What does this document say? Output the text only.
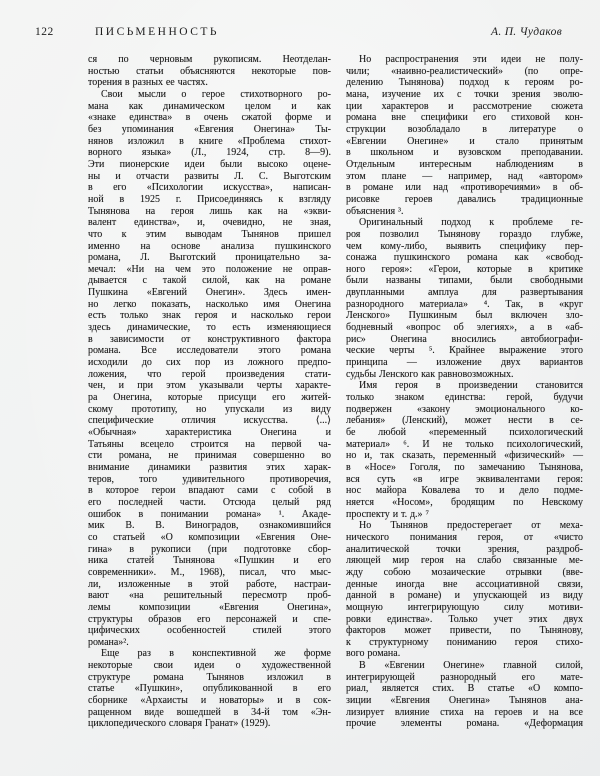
122	ПИСЬМЕННОСТЬ	А. П. Чудаков
ся по черновым рукописям. Неотделан-
ностью статьи объясняются некоторые пов-
торения в разных ее частях.
Свои мысли о герое стихотворного ро-
мана как динамическом целом и как
«знаке единства» в очень сжатой форме и
без упоминания «Евгения Онегина» Ты-
нянов изложил в книге «Проблема стихот-
ворного языка» (Л., 1924, стр. 8—9).
Эти пионерские идеи были высоко оцене-
ны и отчасти развиты Л. С. Выготским
в его «Психологии искусства», написан-
ной в 1925 г. Присоединяясь к взгляду
Тынянова на героя лишь как на «экви-
валент единства», и, очевидно, не зная,
что к этим выводам Тынянов пришел
именно на основе анализа пушкинского
романа, Л. Выготский проницательно за-
мечал: «Ни на чем это положение не оправ-
дывается с такой силой, как на романе
Пушкина «Евгений Онегин». Здесь имен-
но легко показать, насколько имя Онегина
есть только знак героя и насколько герои
здесь динамические, то есть изменяющиеся
в зависимости от конструктивного фактора
романа. Все исследователи этого романа
исходили до сих пор из ложного предпо-
ложения, что герой произведения стати-
чен, и при этом указывали черты характе-
ра Онегина, которые присущи его житей-
скому прототипу, но упускали из виду
специфические отличия искусства. ⟨...⟩
«Обычная» характеристика Онегина и
Татьяны всецело строится на первой ча-
сти романа, не принимая совершенно во
внимание динамики развития этих харак-
теров, того удивительного противоречия,
в которое герои впадают сами с собой в
его последней части. Отсюда целый ряд
ошибок в понимании романа» ¹. Акаде-
мик В. В. Виноградов, ознакомившийся
со статьей «О композиции «Евгения Оне-
гина» в рукописи (при подготовке сбор-
ника статей Тынянова «Пушкин и его
современники». М., 1968), писал, что мыс-
ли, изложенные в этой работе, настраи-
вают «на решительный пересмотр проб-
лемы композиции «Евгения Онегина»,
структуры образов его персонажей и спе-
цифических особенностей стилей этого
романа»².
Еще раз в конспективной же форме
некоторые свои идеи о художественной
структуре романа Тынянов изложил в
статье «Пушкин», опубликованной в его
сборнике «Архаисты и новаторы» и в сок-
ращенном виде вошедшей в 34-й том «Эн-
циклопедического словаря Гранат» (1929).
Но распространения эти идеи не полу-
чили; «наивно-реалистический» (по опре-
делению Тынянова) подход к героям ро-
мана, изучение их с точки зрения эволю-
ции характеров и рассмотрение сюжета
романа вне специфики его стиховой кон-
струкции возобладало в литературе о
«Евгении Онегине» и стало принятым
в школьном и вузовском преподавании.
Отдельным интересным наблюдениям в
этом плане — например, над «автором»
в романе или над «противоречиями» в об-
рисовке героев давались традиционные
объяснения ³.
Оригинальный подход к проблеме ге-
роя позволил Тынянову гораздо глубже,
чем кому-либо, выявить специфику пер-
сонажа пушкинского романа как «свобод-
ного героя»: «Герои, которые в критике
были названы типами, были свободными
двупланными амплуа для развертывания
разнородного материала» ⁴. Так, в «круг
Ленского» Пушкиным был включен зло-
бодневный «вопрос об элегиях», а в «аб-
рис» Онегина вносились автобиографи-
ческие черты ⁵. Крайнее выражение этого
принципа — изложение двух вариантов
судьбы Ленского как равновозможных.
Имя героя в произведении становится
только знаком единства: герой, будучи
подвержен «закону эмоционального ко-
лебания» (Ленский), может нести в се-
бе любой «переменный психологический
материал» ⁶. И не только психологический,
но и, так сказать, переменный «физический» —
в «Носе» Гоголя, по замечанию Тынянова,
вся суть «в игре эквивалентами героя:
нос майора Ковалева то и дело подме-
няется «Носом», бродящим по Невскому
проспекту и т. д.» ⁷
Но Тынянов предостерегает от меха-
нического понимания героя, от «чисто
аналитической точки зрения, раздроб-
ляющей мир героя на слабо связанные ме-
жду собою мозаические отрывки (вве-
денные иногда вне ассоциативной связи,
данной в романе) и упускающей из виду
мощную интегрирующую силу мотиви-
ровки единства». Только учет этих двух
факторов может привести, по Тынянову,
к структурному пониманию героя стихо-
вого романа.
В «Евгении Онегине» главной силой,
интегрирующей разнородный его мате-
риал, является стих. В статье «О компо-
зиции «Евгения Онегина» Тынянов ана-
лизирует влияние стиха на героев и на все
прочие элементы романа. «Деформация
